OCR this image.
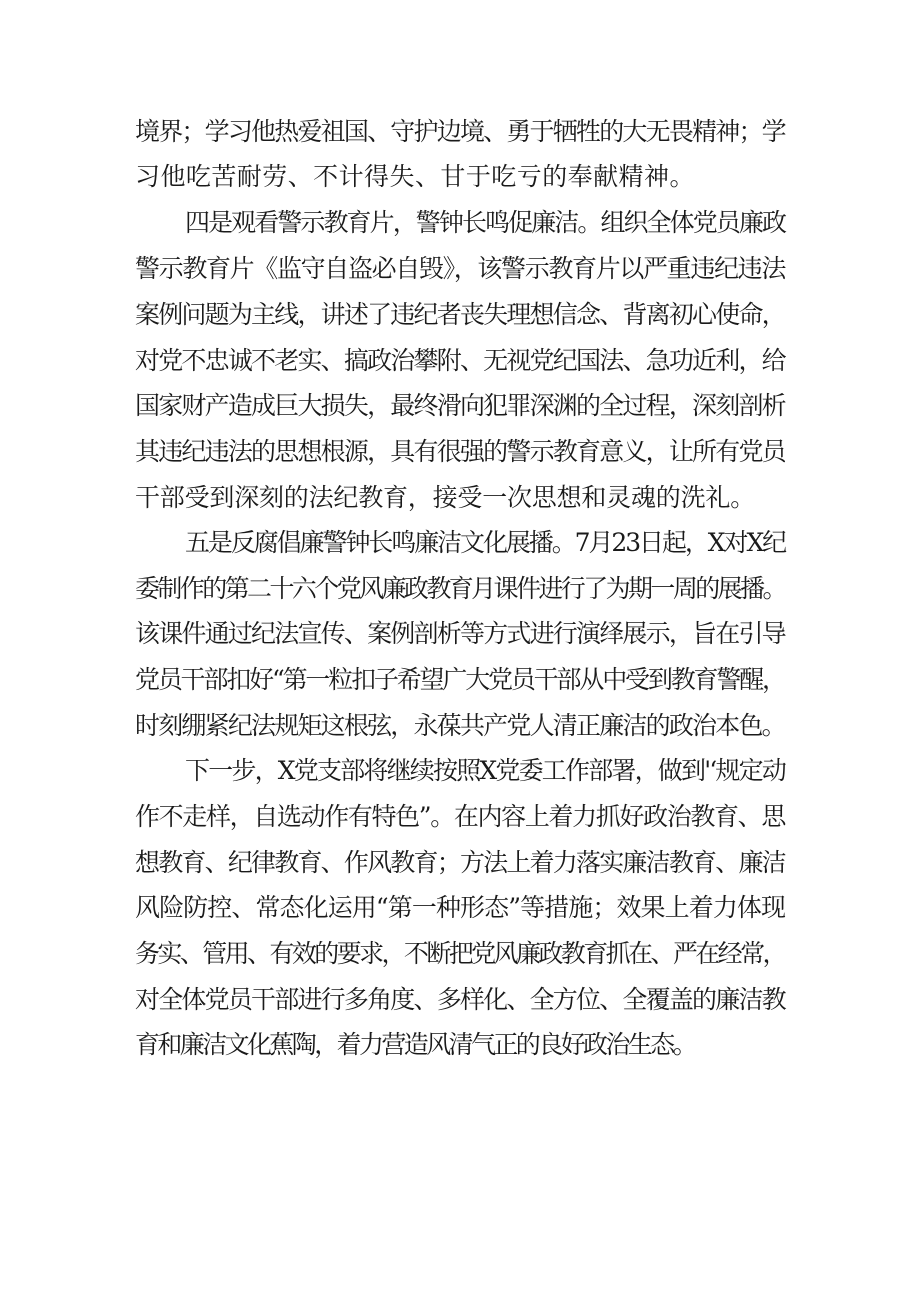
境界；学习他热爱祖国、守护边境、勇于牺牲的大无畏精神；学
习他吃苦耐劳、不计得失、甘于吃亏的奉献精神。
四是观看警示教育片，警钟长鸣促廉洁。组织全体党员廉政
警示教育片《监守自盗必自毁》，该警示教育片以严重违纪违法
案例问题为主线，讲述了违纪者丧失理想信念、背离初心使命，
对党不忠诚不老实、搞政治攀附、无视党纪国法、急功近利，给
国家财产造成巨大损失，最终滑向犯罪深渊的全过程，深刻剖析
其违纪违法的思想根源，具有很强的警示教育意义，让所有党员
干部受到深刻的法纪教育，接受一次思想和灵魂的洗礼。
五是反腐倡廉警钟长鸣廉洁文化展播。7月23日起，X对X纪
委制作的第二十六个党风廉政教育月课件进行了为期一周的展播。
该课件通过纪法宣传、案例剖析等方式进行演绎展示，旨在引导
党员干部扣好“第一粒扣子希望广大党员干部从中受到教育警醒，
时刻绷紧纪法规矩这根弦，永葆共产党人清正廉洁的政治本色。
下一步，X党支部将继续按照X党委工作部署，做到'‘规定动
作不走样，自选动作有特色”。在内容上着力抓好政治教育、思
想教育、纪律教育、作风教育；方法上着力落实廉洁教育、廉洁
风险防控、常态化运用“第一种形态”等措施；效果上着力体现
务实、管用、有效的要求，不断把党风廉政教育抓在、严在经常，
对全体党员干部进行多角度、多样化、全方位、全覆盖的廉洁教
育和廉洁文化蕉陶，着力营造风清气正的良好政治生态。
